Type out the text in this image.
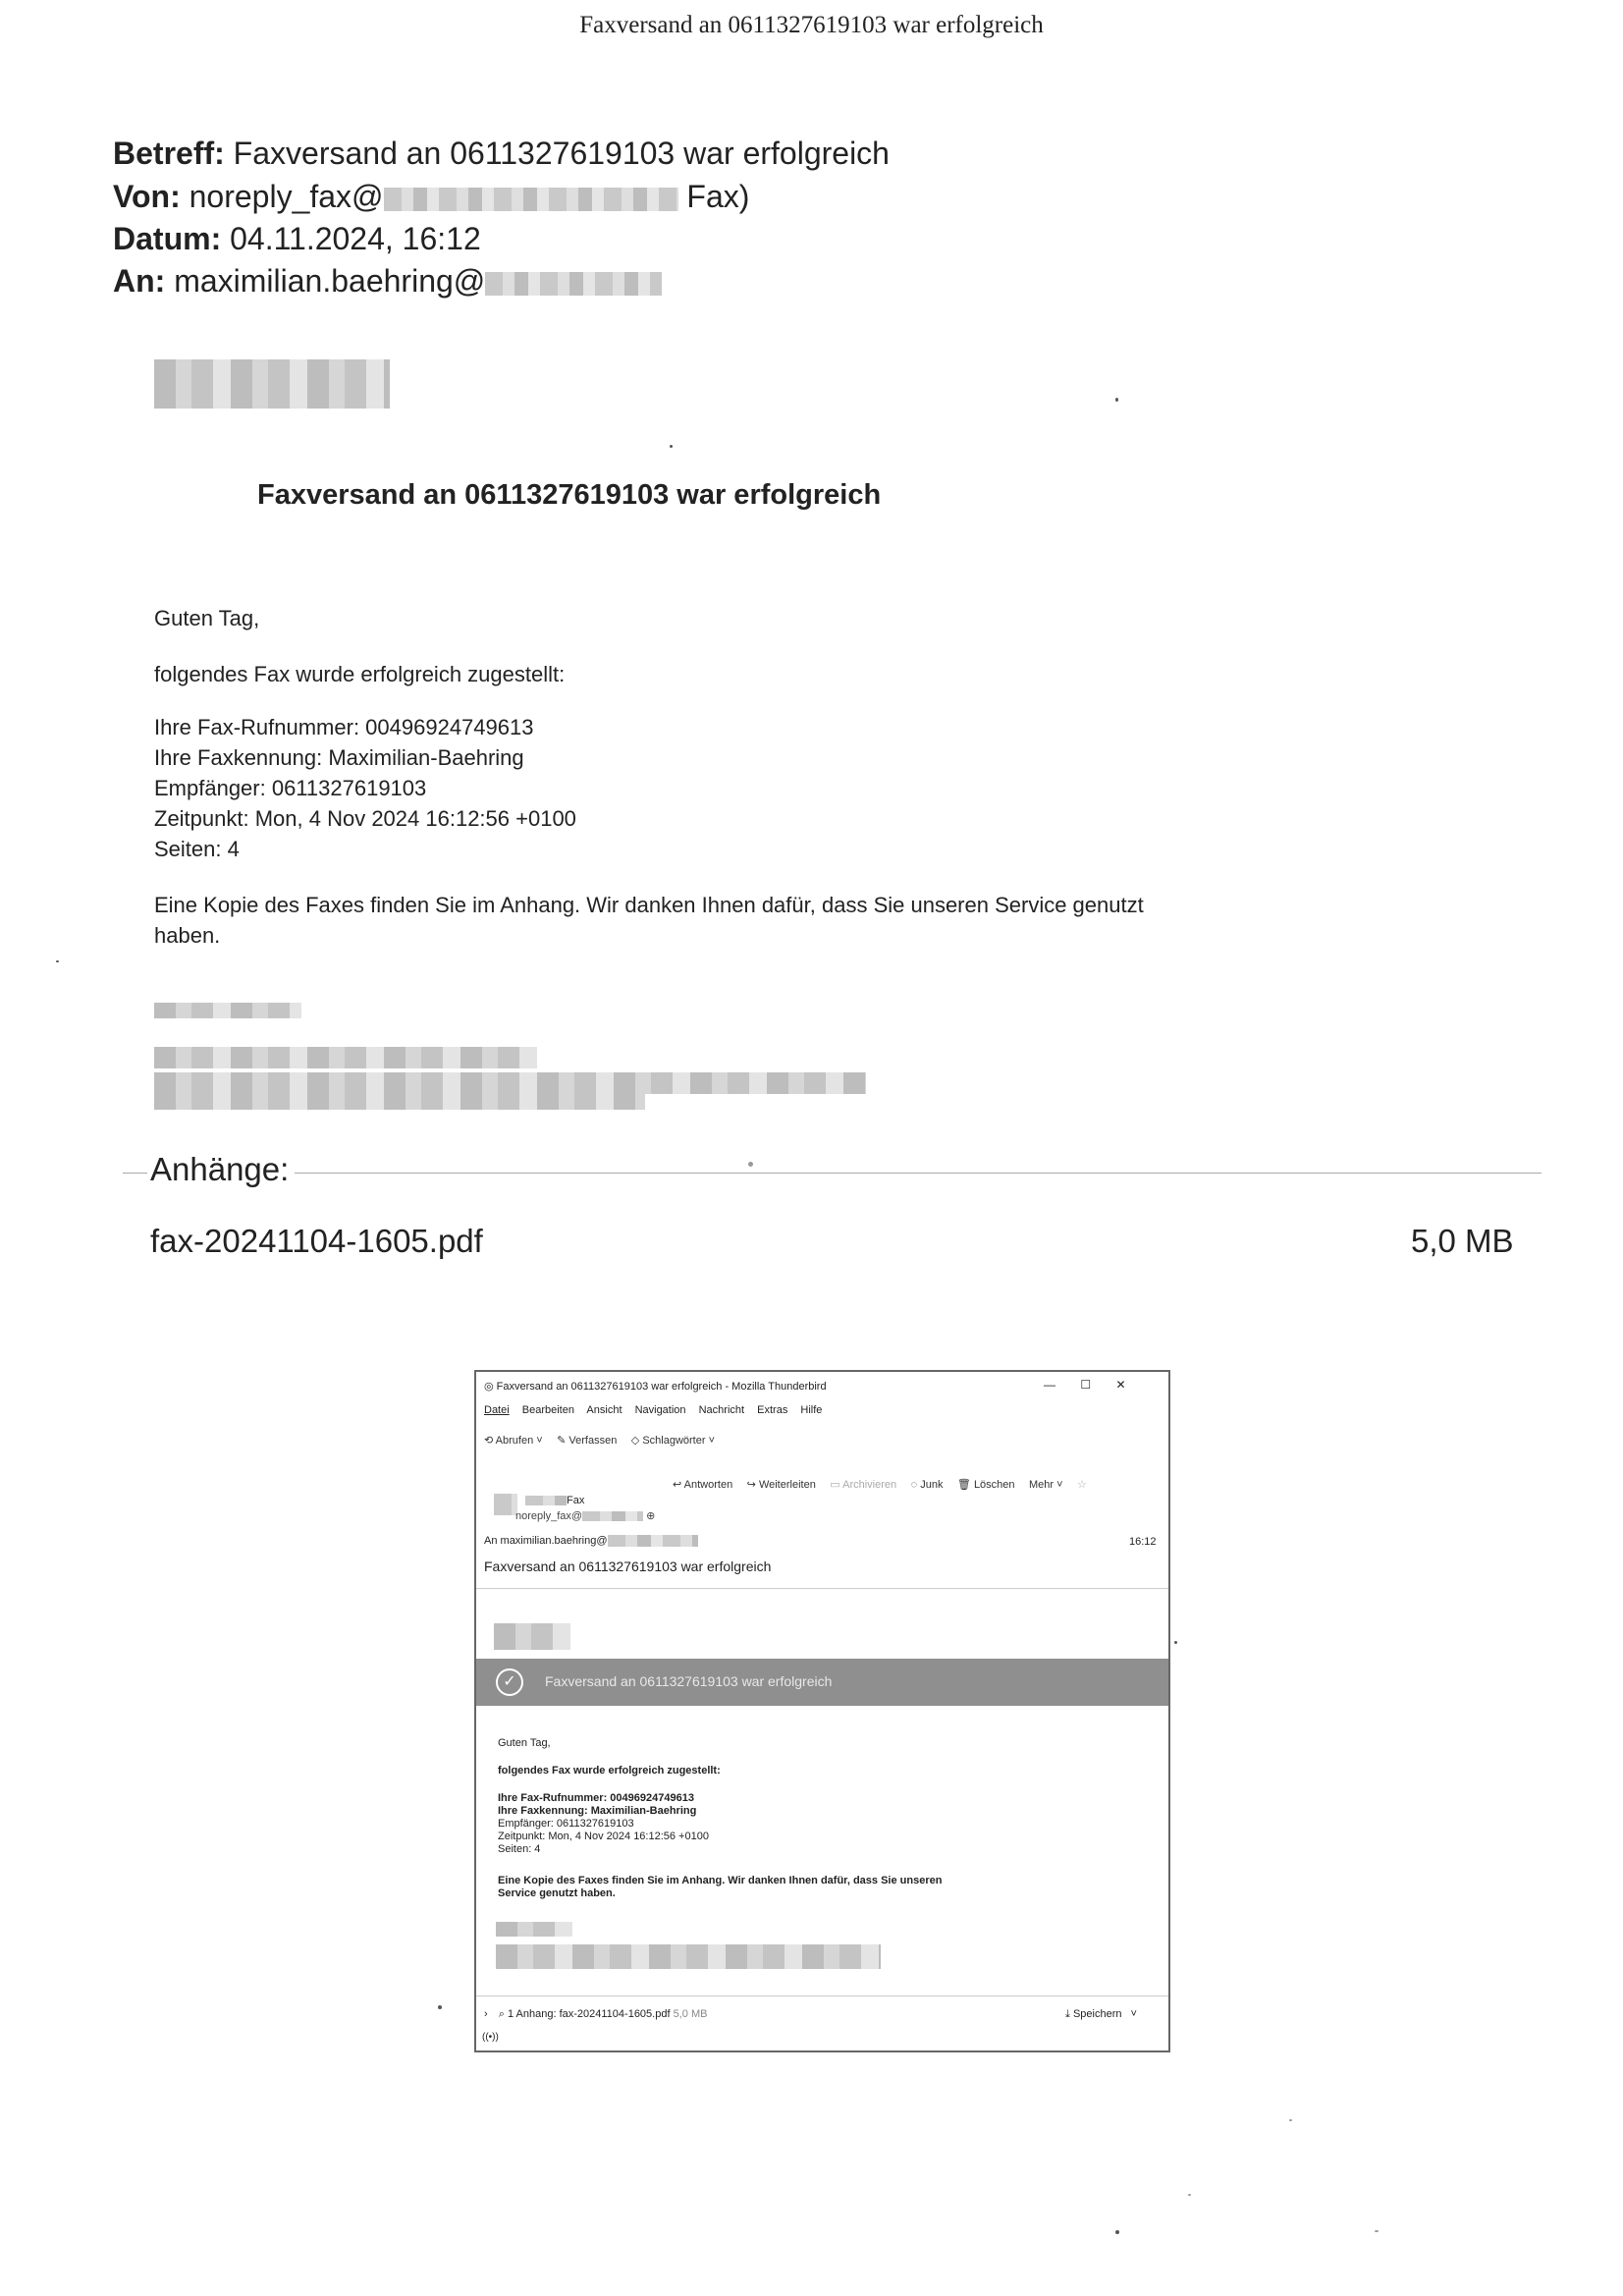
Faxversand an 0611327619103 war erfolgreich
Betreff: Faxversand an 0611327619103 war erfolgreich
Von: noreply_fax@	Fax)
Datum: 04.11.2024, 16:12
An: maximilian.baehring@
Faxversand an 0611327619103 war erfolgreich
Guten Tag,
folgendes Fax wurde erfolgreich zugestellt:
Ihre Fax-Rufnummer: 00496924749613
Ihre Faxkennung: Maximilian-Baehring
Empfänger: 0611327619103
Zeitpunkt: Mon, 4 Nov 2024 16:12:56 +0100
Seiten: 4
Eine Kopie des Faxes finden Sie im Anhang. Wir danken Ihnen dafür, dass Sie unseren Service genutzt
haben.
Anhänge:
fax-20241104-1605.pdf	5,0 MB
◎ Faxversand an 0611327619103 war erfolgreich - Mozilla Thunderbird	— ☐ ✕
Datei Bearbeiten Ansicht Navigation Nachricht Extras Hilfe
⟲ Abrufen ˅ ✎ Verfassen ◇ Schlagwörter ˅
↩ Antworten ↪ Weiterleiten ▭ Archivieren ◌ Junk 🗑 Löschen Mehr ˅ ☆
Fax
noreply_fax@	⊕
An maximilian.baehring@	16:12
Faxversand an 0611327619103 war erfolgreich
✓	Faxversand an 0611327619103 war erfolgreich
Guten Tag,
folgendes Fax wurde erfolgreich zugestellt:
Ihre Fax-Rufnummer: 00496924749613
Ihre Faxkennung: Maximilian-Baehring
Empfänger: 0611327619103
Zeitpunkt: Mon, 4 Nov 2024 16:12:56 +0100
Seiten: 4
Eine Kopie des Faxes finden Sie im Anhang. Wir danken Ihnen dafür, dass Sie unseren
Service genutzt haben.
› ⌕ 1 Anhang: fax-20241104-1605.pdf 5,0 MB	⤓ Speichern ˅
((•))
